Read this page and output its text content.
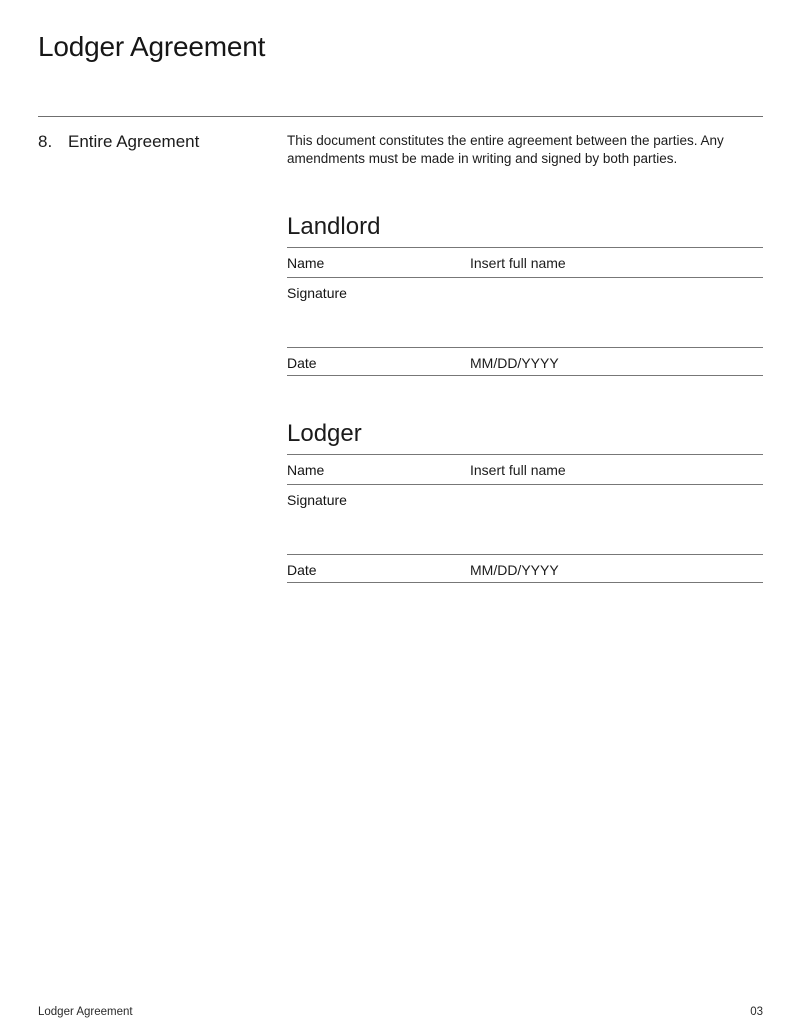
Lodger Agreement
8. Entire Agreement	This document constitutes the entire agreement between the parties. Any amendments must be made in writing and signed by both parties.

Landlord
Name	Insert full name
Signature
Date	MM/DD/YYYY
Lodger
Name	Insert full name
Signature
Date	MM/DD/YYYY
Lodger Agreement	03
